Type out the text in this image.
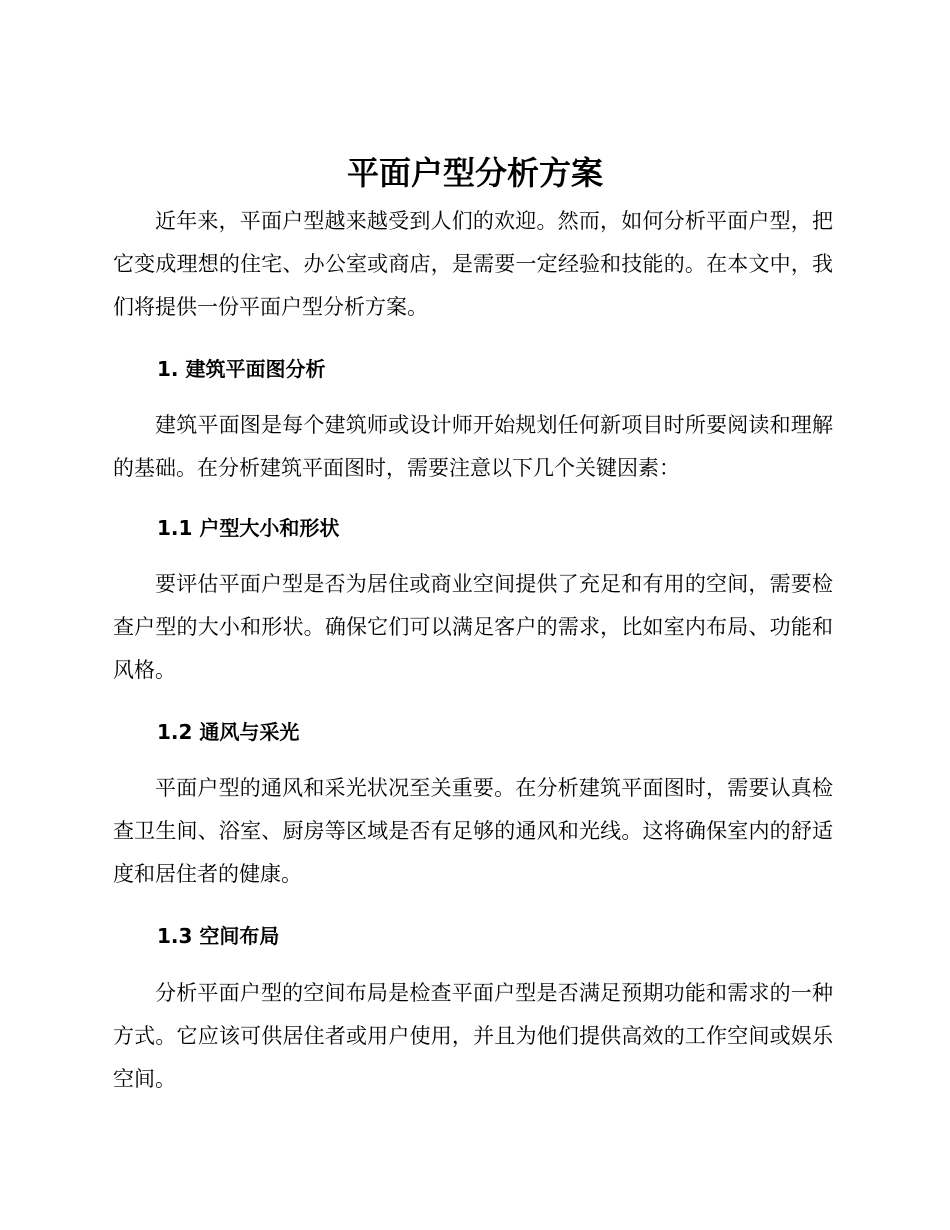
平面户型分析方案

近年来，平面户型越来越受到人们的欢迎。然而，如何分析平面户型，把它变成理想的住宅、办公室或商店，是需要一定经验和技能的。在本文中，我们将提供一份平面户型分析方案。

1. 建筑平面图分析

建筑平面图是每个建筑师或设计师开始规划任何新项目时所要阅读和理解的基础。在分析建筑平面图时，需要注意以下几个关键因素：

1.1 户型大小和形状

要评估平面户型是否为居住或商业空间提供了充足和有用的空间，需要检查户型的大小和形状。确保它们可以满足客户的需求，比如室内布局、功能和风格。

1.2 通风与采光

平面户型的通风和采光状况至关重要。在分析建筑平面图时，需要认真检查卫生间、浴室、厨房等区域是否有足够的通风和光线。这将确保室内的舒适度和居住者的健康。

1.3 空间布局

分析平面户型的空间布局是检查平面户型是否满足预期功能和需求的一种方式。它应该可供居住者或用户使用，并且为他们提供高效的工作空间或娱乐空间。
